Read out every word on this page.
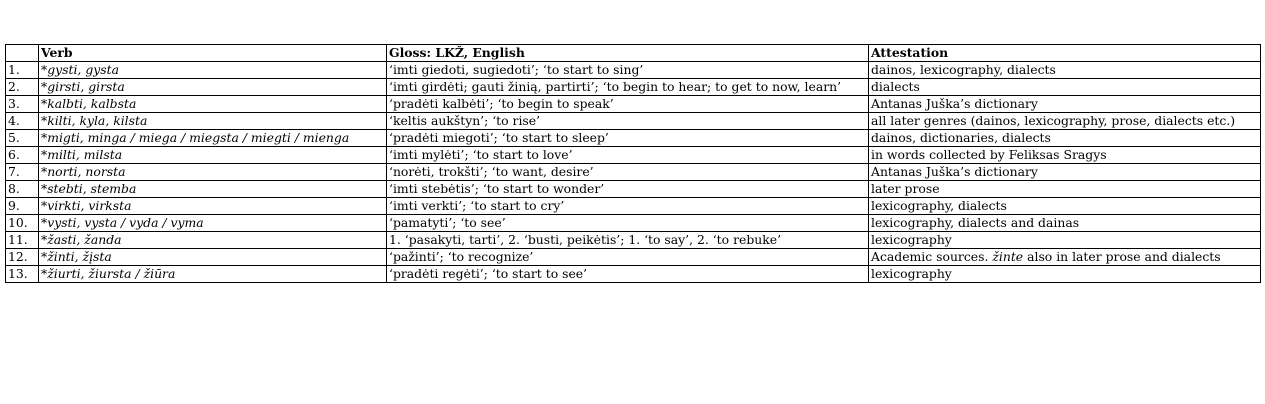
	Verb	Gloss: LKŽ, English	Attestation
1.	*gysti, gysta	‘imti giedoti, sugiedoti’; ‘to start to sing’	dainos, lexicography, dialects
2.	*girsti, girsta	‘imti girdėti; gauti žinią, partirti’; ‘to begin to hear; to get to now, learn’	dialects
3.	*kalbti, kalbsta	‘pradėti kalbėti’; ‘to begin to speak’	Antanas Juška’s dictionary
4.	*kilti, kyla, kilsta	‘keltis aukštyn’; ‘to rise’	all later genres (dainos, lexicography, prose, dialects etc.)
5.	*migti, minga / miega / miegsta / miegti / mienga	‘pradėti miegoti’; ‘to start to sleep’	dainos, dictionaries, dialects
6.	*milti, milsta	‘imti mylėti’; ‘to start to love’	in words collected by Feliksas Sragys
7.	*norti, norsta	‘norėti, trokšti’; ‘to want, desire’	Antanas Juška’s dictionary
8.	*stebti, stemba	‘imti stebėtis’; ‘to start to wonder’	later prose
9.	*virkti, virksta	‘imti verkti’; ‘to start to cry’	lexicography, dialects
10.	*vysti, vysta / vyda / vyma	‘pamatyti’; ‘to see’	lexicography, dialects and dainas
11.	*žasti, žanda	1. ‘pasakyti, tarti’, 2. ‘busti, peikėtis’; 1. ‘to say’, 2. ‘to rebuke’	lexicography
12.	*žinti, žįsta	‘pažinti’; ‘to recognize’	Academic sources. žinte also in later prose and dialects
13.	*žiurti, žiursta / žiūra	‘pradėti regėti’; ‘to start to see’	lexicography
